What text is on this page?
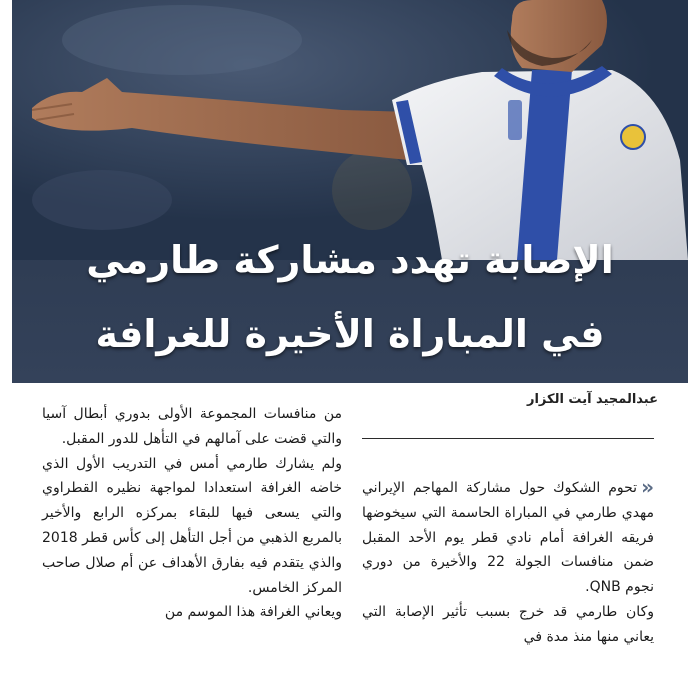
الإصابة تهدد مشاركة طارمي
في المباراة الأخيرة للغرافة
عبدالمجيد آيت الكزار

«تحوم الشكوك حول مشاركة المهاجم الإيراني مهدي طارمي في المباراة الحاسمة التي سيخوضها فريقه الغرافة أمام نادي قطر يوم الأحد المقبل ضمن منافسات الجولة 22 والأخيرة من دوري نجوم QNB.

وكان طارمي قد خرج بسبب تأثير الإصابة التي يعاني منها منذ مدة في

من منافسات المجموعة الأولى بدوري أبطال آسيا والتي قضت على آمالهم في التأهل للدور المقبل.

ولم يشارك طارمي أمس في التدريب الأول الذي خاضه الغرافة استعدادا لمواجهة نظيره القطراوي والتي يسعى فيها للبقاء بمركزه الرابع والأخير بالمربع الذهبي من أجل التأهل إلى كأس قطر 2018 والذي يتقدم فيه بفارق الأهداف عن أم صلال صاحب المركز الخامس.

ويعاني الغرافة هذا الموسم من
